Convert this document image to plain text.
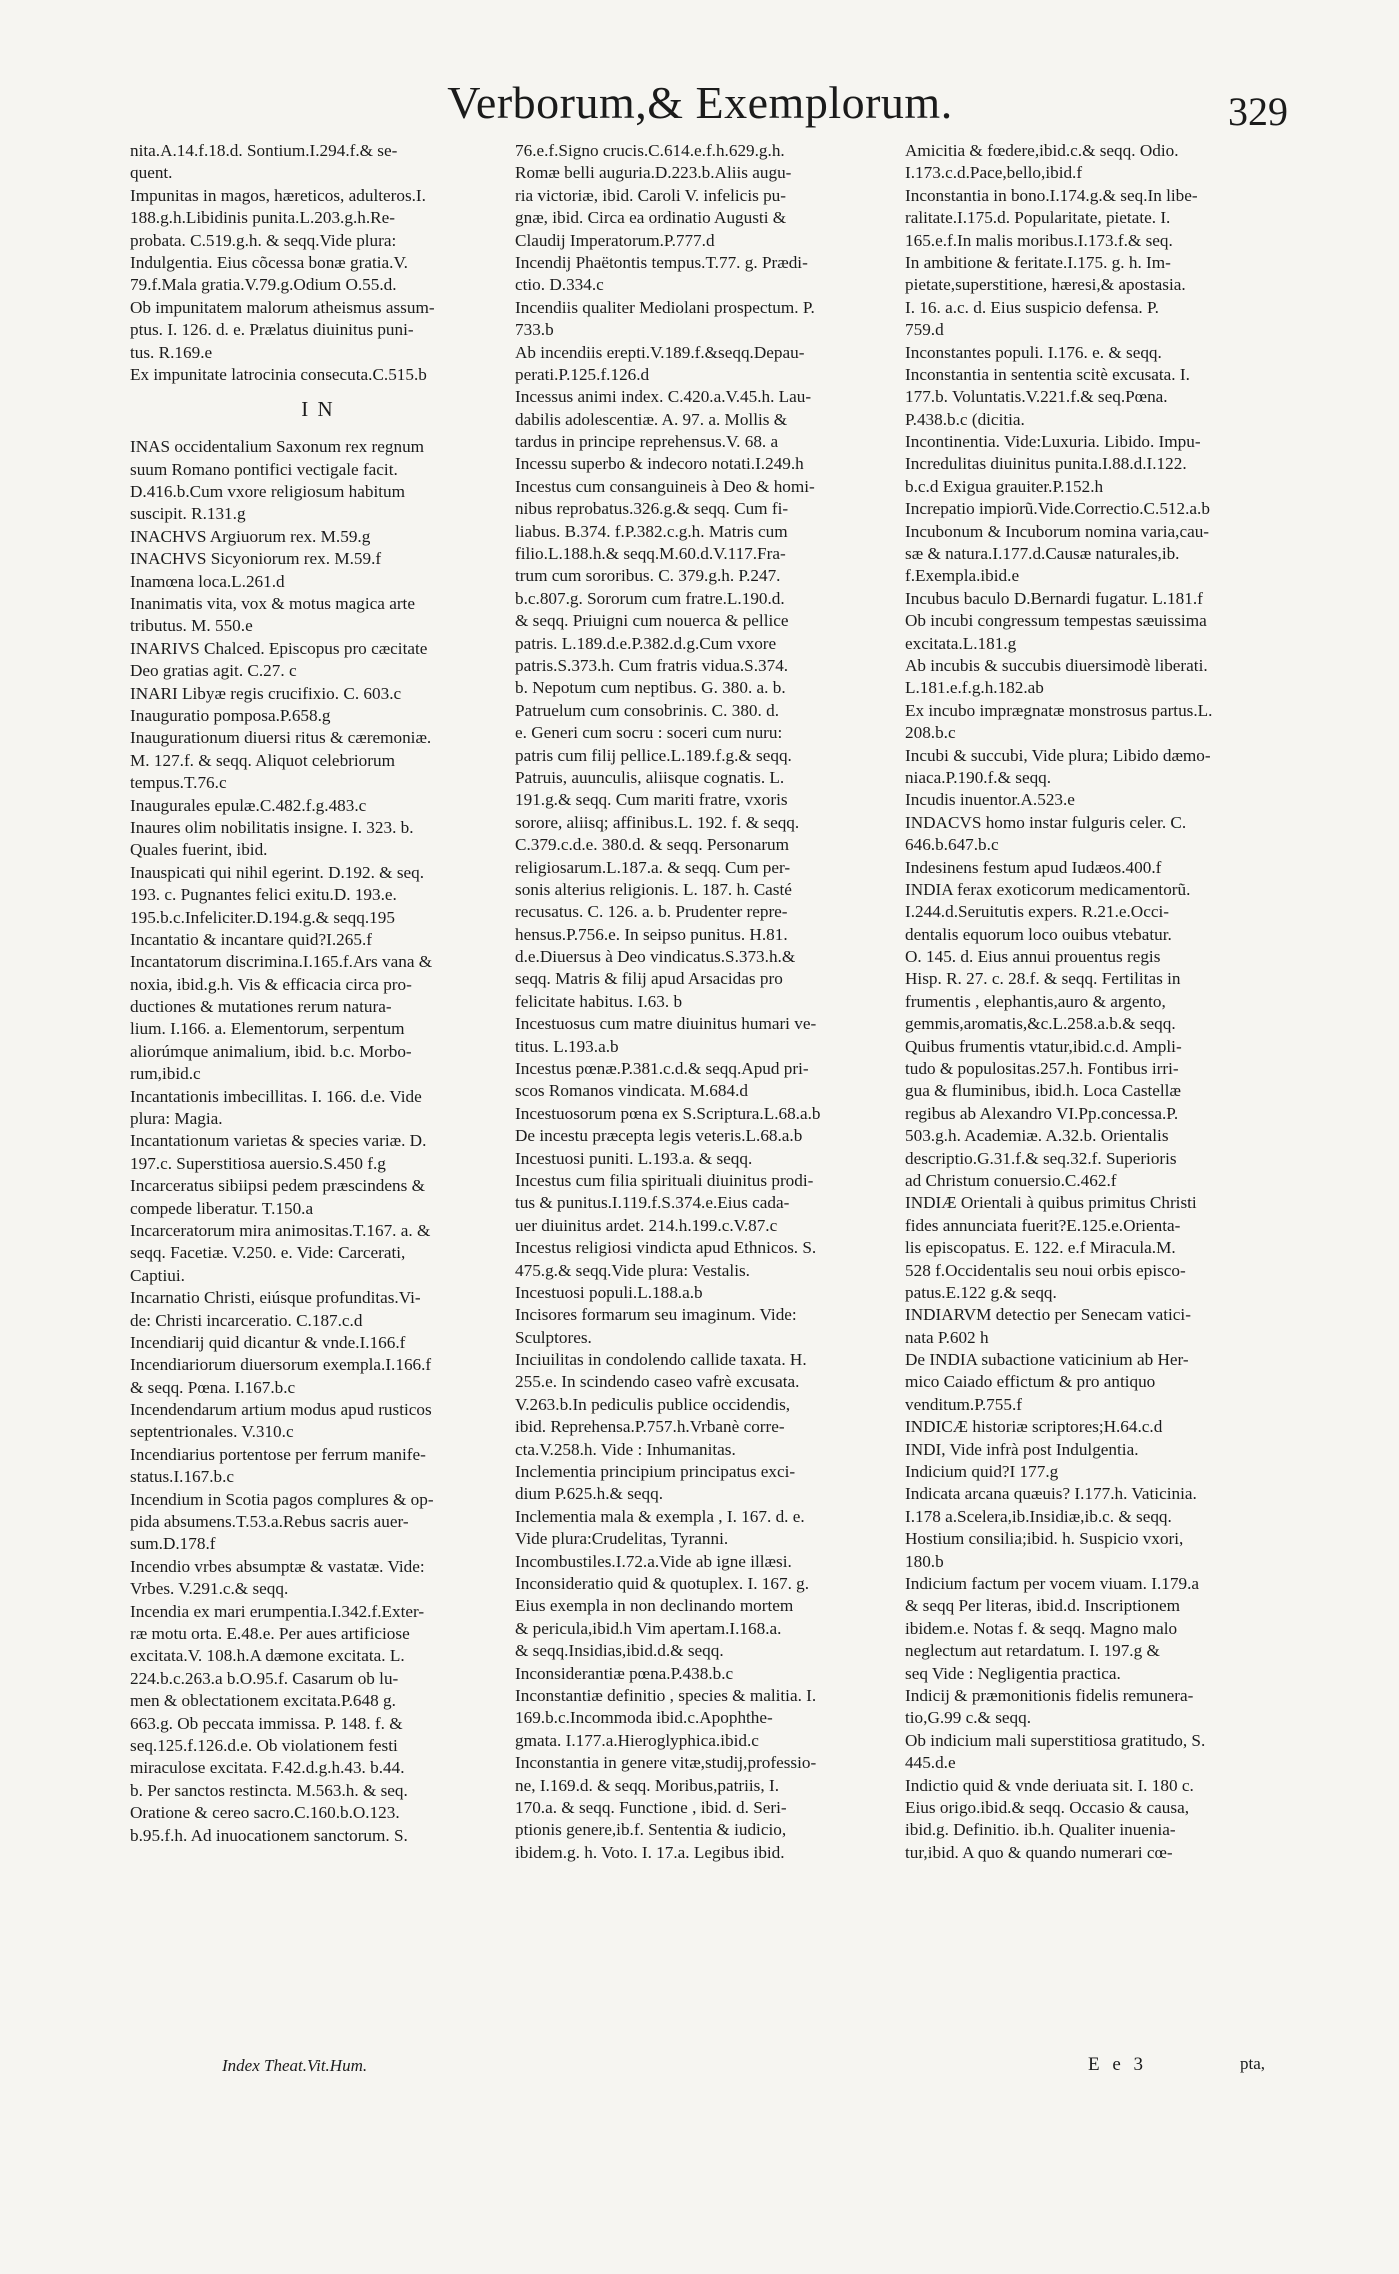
Verborum,& Exemplorum.	329
nita.A.14.f.18.d. Sontium.I.294.f.& se-
quent.
Impunitas in magos, hæreticos, adulteros.I.
188.g.h.Libidinis punita.L.203.g.h.Re-
probata. C.519.g.h. & seqq.Vide plura:
Indulgentia. Eius cõcessa bonæ gratia.V.
79.f.Mala gratia.V.79.g.Odium O.55.d.
Ob impunitatem malorum atheismus assum-
ptus. I. 126. d. e. Prælatus diuinitus puni-
tus. R.169.e
Ex impunitate latrocinia consecuta.C.515.b
I N
INAS occidentalium Saxonum rex regnum
suum Romano pontifici vectigale facit.
D.416.b.Cum vxore religiosum habitum
suscipit. R.131.g
INACHVS Argiuorum rex. M.59.g
INACHVS Sicyoniorum rex. M.59.f
Inamœna loca.L.261.d
Inanimatis vita, vox & motus magica arte
tributus. M. 550.e
INARIVS Chalced. Episcopus pro cæcitate
Deo gratias agit. C.27. c
INARI Libyæ regis crucifixio. C. 603.c
Inauguratio pomposa.P.658.g
Inaugurationum diuersi ritus & cæremoniæ.
M. 127.f. & seqq. Aliquot celebriorum
tempus.T.76.c
Inaugurales epulæ.C.482.f.g.483.c
Inaures olim nobilitatis insigne. I. 323. b.
Quales fuerint, ibid.
Inauspicati qui nihil egerint. D.192. & seq.
193. c. Pugnantes felici exitu.D. 193.e.
195.b.c.Infeliciter.D.194.g.& seqq.195
Incantatio & incantare quid?I.265.f
Incantatorum discrimina.I.165.f.Ars vana &
noxia, ibid.g.h. Vis & efficacia circa pro-
ductiones & mutationes rerum natura-
lium. I.166. a. Elementorum, serpentum
aliorúmque animalium, ibid. b.c. Morbo-
rum,ibid.c
Incantationis imbecillitas. I. 166. d.e. Vide
plura: Magia.
Incantationum varietas & species variæ. D.
197.c. Superstitiosa auersio.S.450 f.g
Incarceratus sibiipsi pedem præscindens &
compede liberatur. T.150.a
Incarceratorum mira animositas.T.167. a. &
seqq. Facetiæ. V.250. e. Vide: Carcerati,
Captiui.
Incarnatio Christi, eiúsque profunditas.Vi-
de: Christi incarceratio. C.187.c.d
Incendiarij quid dicantur & vnde.I.166.f
Incendiariorum diuersorum exempla.I.166.f
& seqq. Pœna. I.167.b.c
Incendendarum artium modus apud rusticos
septentrionales. V.310.c
Incendiarius portentose per ferrum manife-
status.I.167.b.c
Incendium in Scotia pagos complures & op-
pida absumens.T.53.a.Rebus sacris auer-
sum.D.178.f
Incendio vrbes absumptæ & vastatæ. Vide:
Vrbes. V.291.c.& seqq.
Incendia ex mari erumpentia.I.342.f.Exter-
ræ motu orta. E.48.e. Per aues artificiose
excitata.V. 108.h.A dæmone excitata. L.
224.b.c.263.a b.O.95.f. Casarum ob lu-
men & oblectationem excitata.P.648 g.
663.g. Ob peccata immissa. P. 148. f. &
seq.125.f.126.d.e. Ob violationem festi
miraculose excitata. F.42.d.g.h.43. b.44.
b. Per sanctos restincta. M.563.h. & seq.
Oratione & cereo sacro.C.160.b.O.123.
b.95.f.h. Ad inuocationem sanctorum. S.
76.e.f.Signo crucis.C.614.e.f.h.629.g.h.
Romæ belli auguria.D.223.b.Aliis augu-
ria victoriæ, ibid. Caroli V. infelicis pu-
gnæ, ibid. Circa ea ordinatio Augusti &
Claudij Imperatorum.P.777.d
Incendij Phaëtontis tempus.T.77. g. Prædi-
ctio. D.334.c
Incendiis qualiter Mediolani prospectum. P.
733.b
Ab incendiis erepti.V.189.f.&seqq.Depau-
perati.P.125.f.126.d
Incessus animi index. C.420.a.V.45.h. Lau-
dabilis adolescentiæ. A. 97. a. Mollis &
tardus in principe reprehensus.V. 68. a
Incessu superbo & indecoro notati.I.249.h
Incestus cum consanguineis à Deo & homi-
nibus reprobatus.326.g.& seqq. Cum fi-
liabus. B.374. f.P.382.c.g.h. Matris cum
filio.L.188.h.& seqq.M.60.d.V.117.Fra-
trum cum sororibus. C. 379.g.h. P.247.
b.c.807.g. Sororum cum fratre.L.190.d.
& seqq. Priuigni cum nouerca & pellice
patris. L.189.d.e.P.382.d.g.Cum vxore
patris.S.373.h. Cum fratris vidua.S.374.
b. Nepotum cum neptibus. G. 380. a. b.
Patruelum cum consobrinis. C. 380. d.
e. Generi cum socru : soceri cum nuru:
patris cum filij pellice.L.189.f.g.& seqq.
Patruis, auunculis, aliisque cognatis. L.
191.g.& seqq. Cum mariti fratre, vxoris
sorore, aliisq; affinibus.L. 192. f. & seqq.
C.379.c.d.e. 380.d. & seqq. Personarum
religiosarum.L.187.a. & seqq. Cum per-
sonis alterius religionis. L. 187. h. Casté
recusatus. C. 126. a. b. Prudenter repre-
hensus.P.756.e. In seipso punitus. H.81.
d.e.Diuersus à Deo vindicatus.S.373.h.&
seqq. Matris & filij apud Arsacidas pro
felicitate habitus. I.63. b
Incestuosus cum matre diuinitus humari ve-
titus. L.193.a.b
Incestus pœnæ.P.381.c.d.& seqq.Apud pri-
scos Romanos vindicata. M.684.d
Incestuosorum pœna ex S.Scriptura.L.68.a.b
De incestu præcepta legis veteris.L.68.a.b
Incestuosi puniti. L.193.a. & seqq.
Incestus cum filia spirituali diuinitus prodi-
tus & punitus.I.119.f.S.374.e.Eius cada-
uer diuinitus ardet. 214.h.199.c.V.87.c
Incestus religiosi vindicta apud Ethnicos. S.
475.g.& seqq.Vide plura: Vestalis.
Incestuosi populi.L.188.a.b
Incisores formarum seu imaginum. Vide:
Sculptores.
Inciuilitas in condolendo callide taxata. H.
255.e. In scindendo caseo vafrè excusata.
V.263.b.In pediculis publice occidendis,
ibid. Reprehensa.P.757.h.Vrbanè corre-
cta.V.258.h. Vide : Inhumanitas.
Inclementia principium principatus exci-
dium P.625.h.& seqq.
Inclementia mala & exempla , I. 167. d. e.
Vide plura:Crudelitas, Tyranni.
Incombustiles.I.72.a.Vide ab igne illæsi.
Inconsideratio quid & quotuplex. I. 167. g.
Eius exempla in non declinando mortem
& pericula,ibid.h Vim apertam.I.168.a.
& seqq.Insidias,ibid.d.& seqq.
Inconsiderantiæ pœna.P.438.b.c
Inconstantiæ definitio , species & malitia. I.
169.b.c.Incommoda ibid.c.Apophthe-
gmata. I.177.a.Hieroglyphica.ibid.c
Inconstantia in genere vitæ,studij,professio-
ne, I.169.d. & seqq. Moribus,patriis, I.
170.a. & seqq. Functione , ibid. d. Seri-
ptionis genere,ib.f. Sententia & iudicio,
ibidem.g. h. Voto. I. 17.a. Legibus ibid.
Amicitia & fœdere,ibid.c.& seqq. Odio.
I.173.c.d.Pace,bello,ibid.f
Inconstantia in bono.I.174.g.& seq.In libe-
ralitate.I.175.d. Popularitate, pietate. I.
165.e.f.In malis moribus.I.173.f.& seq.
In ambitione & feritate.I.175. g. h. Im-
pietate,superstitione, hæresi,& apostasia.
I. 16. a.c. d. Eius suspicio defensa. P.
759.d
Inconstantes populi. I.176. e. & seqq.
Inconstantia in sententia scitè excusata. I.
177.b. Voluntatis.V.221.f.& seq.Pœna.
P.438.b.c (dicitia.
Incontinentia. Vide:Luxuria. Libido. Impu-
Incredulitas diuinitus punita.I.88.d.I.122.
b.c.d Exigua grauiter.P.152.h
Increpatio impiorũ.Vide.Correctio.C.512.a.b
Incubonum & Incuborum nomina varia,cau-
sæ & natura.I.177.d.Causæ naturales,ib.
f.Exempla.ibid.e
Incubus baculo D.Bernardi fugatur. L.181.f
Ob incubi congressum tempestas sæuissima
excitata.L.181.g
Ab incubis & succubis diuersimodè liberati.
L.181.e.f.g.h.182.ab
Ex incubo imprægnatæ monstrosus partus.L.
208.b.c
Incubi & succubi, Vide plura; Libido dæmo-
niaca.P.190.f.& seqq.
Incudis inuentor.A.523.e
INDACVS homo instar fulguris celer. C.
646.b.647.b.c
Indesinens festum apud Iudæos.400.f
INDIA ferax exoticorum medicamentorũ.
I.244.d.Seruitutis expers. R.21.e.Occi-
dentalis equorum loco ouibus vtebatur.
O. 145. d. Eius annui prouentus regis
Hisp. R. 27. c. 28.f. & seqq. Fertilitas in
frumentis , elephantis,auro & argento,
gemmis,aromatis,&c.L.258.a.b.& seqq.
Quibus frumentis vtatur,ibid.c.d. Ampli-
tudo & populositas.257.h. Fontibus irri-
gua & fluminibus, ibid.h. Loca Castellæ
regibus ab Alexandro VI.Pp.concessa.P.
503.g.h. Academiæ. A.32.b. Orientalis
descriptio.G.31.f.& seq.32.f. Superioris
ad Christum conuersio.C.462.f
INDIÆ Orientali à quibus primitus Christi
fides annunciata fuerit?E.125.e.Orienta-
lis episcopatus. E. 122. e.f Miracula.M.
528 f.Occidentalis seu noui orbis episco-
patus.E.122 g.& seqq.
INDIARVM detectio per Senecam vatici-
nata P.602 h
De INDIA subactione vaticinium ab Her-
mico Caiado effictum & pro antiquo
venditum.P.755.f
INDICÆ historiæ scriptores;H.64.c.d
INDI, Vide infrà post Indulgentia.
Indicium quid?I 177.g
Indicata arcana quæuis? I.177.h. Vaticinia.
I.178 a.Scelera,ib.Insidiæ,ib.c. & seqq.
Hostium consilia;ibid. h. Suspicio vxori,
180.b
Indicium factum per vocem viuam. I.179.a
& seqq Per literas, ibid.d. Inscriptionem
ibidem.e. Notas f. & seqq. Magno malo
neglectum aut retardatum. I. 197.g &
seq Vide : Negligentia practica.
Indicij & præmonitionis fidelis remunera-
tio,G.99 c.& seqq.
Ob indicium mali superstitiosa gratitudo, S.
445.d.e
Indictio quid & vnde deriuata sit. I. 180 c.
Eius origo.ibid.& seqq. Occasio & causa,
ibid.g. Definitio. ib.h. Qualiter inuenia-
tur,ibid. A quo & quando numerari cœ-
Index Theat.Vit.Hum.	E e 3	pta,
